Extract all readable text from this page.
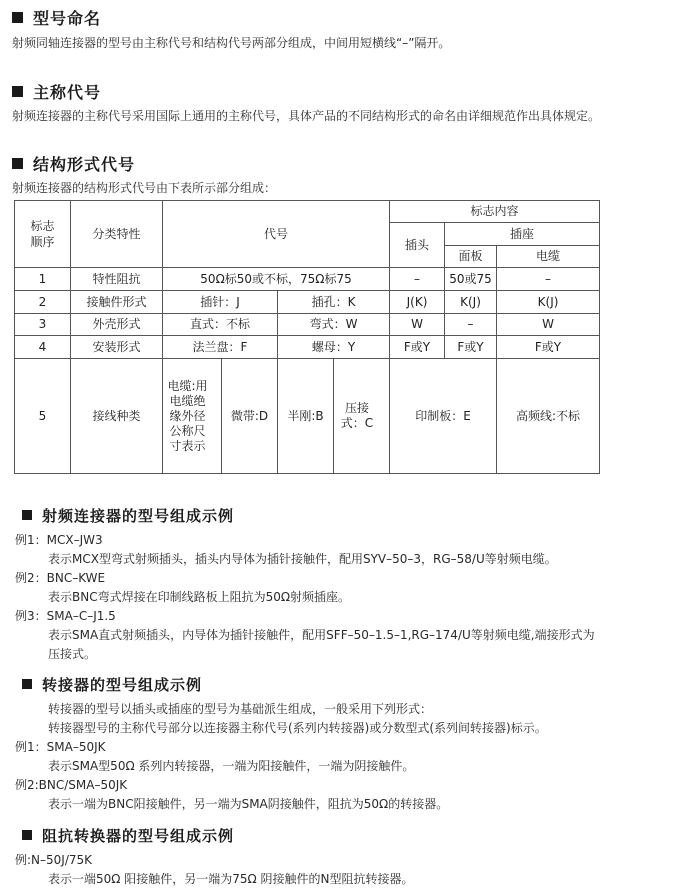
型号命名
射频同轴连接器的型号由主称代号和结构代号两部分组成，中间用短横线“–”隔开。
主称代号
射频连接器的主称代号采用国际上通用的主称代号，具体产品的不同结构形式的命名由详细规范作出具体规定。
结构形式代号
射频连接器的结构形式代号由下表所示部分组成：
标志顺序	分类特性	代号				标志内容		
						插头	插座	
							面板	电缆
1	特性阻抗	50Ω标50或不标，75Ω标75				–	50或75	–
2	接触件形式	插针：J		插孔：K		J(K)	K(J)	K(J)
3	外壳形式	直式：不标		弯式：W		W	–	W
4	安装形式	法兰盘：F		螺母：Y		F或Y	F或Y	F或Y
5	接线种类	电缆:用电缆绝缘外径公称尺寸表示	微带:D	半刚:B	压接式：C	印制板：E		高频线:不标
射频连接器的型号组成示例
例1：MCX–JW3
表示MCX型弯式射频插头，插头内导体为插针接触件，配用SYV–50–3，RG–58/U等射频电缆。
例2：BNC–KWE
表示BNC弯式焊接在印制线路板上阻抗为50Ω射频插座。
例3：SMA–C–J1.5
表示SMA直式射频插头，内导体为插针接触件，配用SFF–50–1.5–1,RG–174/U等射频电缆,端接形式为
压接式。
转接器的型号组成示例
转接器的型号以插头或插座的型号为基础派生组成，一般采用下列形式：
转接器型号的主称代号部分以连接器主称代号(系列内转接器)或分数型式(系列间转接器)标示。
例1：SMA–50JK
表示SMA型50Ω 系列内转接器，一端为阳接触件，一端为阴接触件。
例2:BNC/SMA–50JK
表示一端为BNC阳接触件，另一端为SMA阴接触件，阻抗为50Ω的转接器。
阻抗转换器的型号组成示例
例:N–50J/75K
表示一端50Ω 阳接触件，另一端为75Ω 阴接触件的N型阻抗转接器。
